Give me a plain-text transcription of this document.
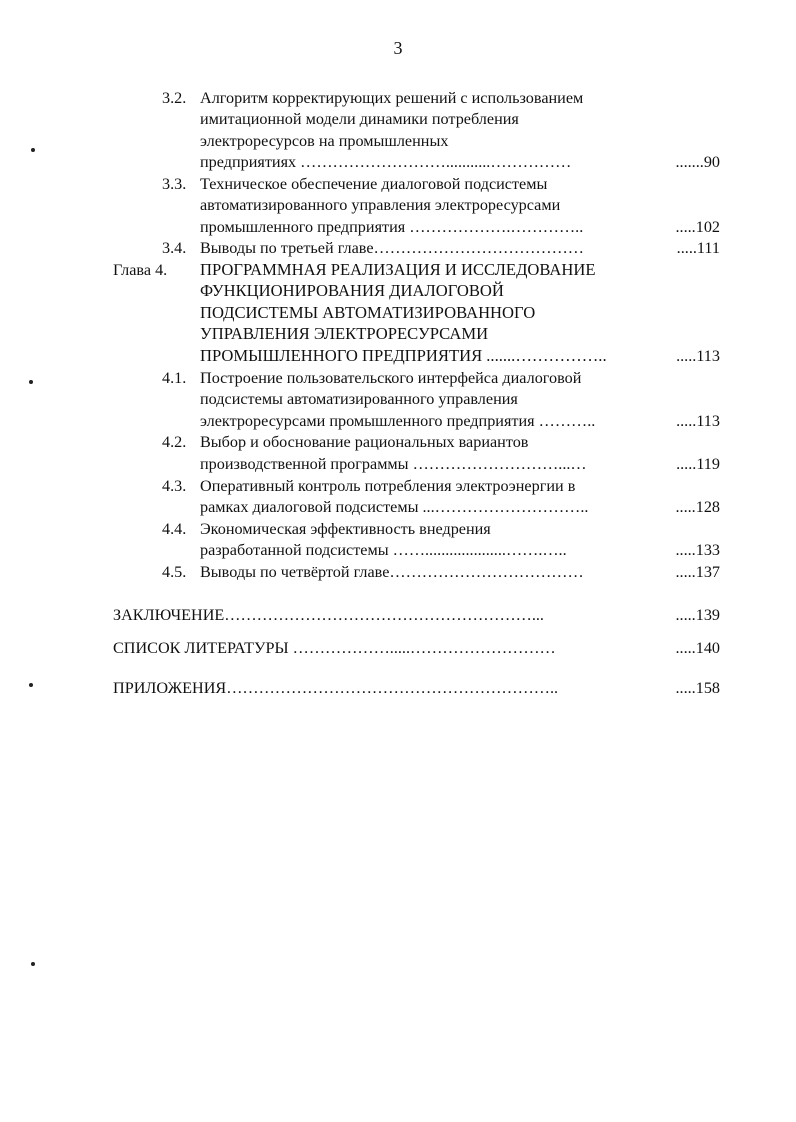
3
3.2. Алгоритм корректирующих решений с использованием
имитационной модели динамики потребления
электроресурсов на промышленных
предприятиях ………………………...........……………	.......90
3.3. Техническое обеспечение диалоговой подсистемы
автоматизированного управления электроресурсами
промышленного предприятия ……………….…………..	.....102
3.4. Выводы по третьей главе…………………………………	.....111
Глава 4. ПРОГРАММНАЯ РЕАЛИЗАЦИЯ И ИССЛЕДОВАНИЕ
ФУНКЦИОНИРОВАНИЯ ДИАЛОГОВОЙ
ПОДСИСТЕМЫ АВТОМАТИЗИРОВАННОГО
УПРАВЛЕНИЯ ЭЛЕКТРОРЕСУРСАМИ
ПРОМЫШЛЕННОГО ПРЕДПРИЯТИЯ .......……………..	.....113
4.1. Построение пользовательского интерфейса диалоговой
подсистемы автоматизированного управления
электроресурсами промышленного предприятия ………..	.....113
4.2. Выбор и обоснование рациональных вариантов
производственной программы ………………………...…	.....119
4.3. Оперативный контроль потребления электроэнергии в
рамках диалоговой подсистемы ...………………………..	.....128
4.4. Экономическая эффективность внедрения
разработанной подсистемы ……....................…….…..	.....133
4.5. Выводы по четвёртой главе………………………………	.....137
ЗАКЛЮЧЕНИЕ…………………………………………………...	.....139
СПИСОК ЛИТЕРАТУРЫ ……………….....………………………	.....140
ПРИЛОЖЕНИЯ……………………………………………………..	.....158
